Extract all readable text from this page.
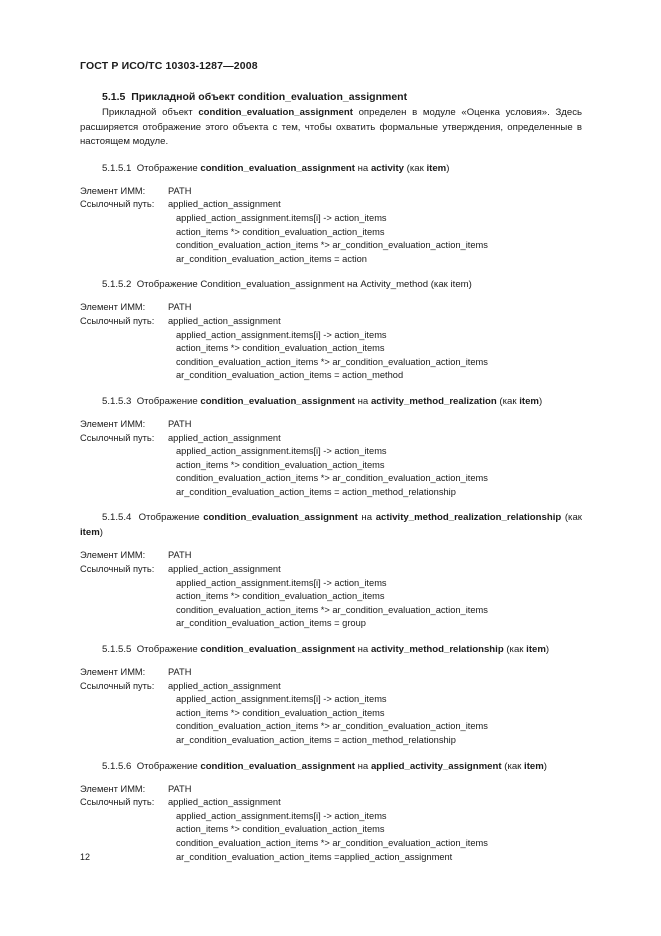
ГОСТ Р ИСО/ТС 10303-1287—2008
5.1.5 Прикладной объект condition_evaluation_assignment
Прикладной объект condition_evaluation_assignment определен в модуле «Оценка условия». Здесь расширяется отображение этого объекта с тем, чтобы охватить формальные утверждения, определенные в настоящем модуле.
5.1.5.1 Отображение condition_evaluation_assignment на activity (как item)
Элемент ИММ:	PATH
Ссылочный путь:	applied_action_assignment
applied_action_assignment.items[i] -> action_items
action_items *> condition_evaluation_action_items
condition_evaluation_action_items *> ar_condition_evaluation_action_items
ar_condition_evaluation_action_items = action
5.1.5.2 Отображение Condition_evaluation_assignment на Activity_method (как item)
Элемент ИММ:	PATH
Ссылочный путь:	applied_action_assignment
applied_action_assignment.items[i] -> action_items
action_items *> condition_evaluation_action_items
condition_evaluation_action_items *> ar_condition_evaluation_action_items
ar_condition_evaluation_action_items = action_method
5.1.5.3 Отображение condition_evaluation_assignment на activity_method_realization (как item)
Элемент ИММ:	PATH
Ссылочный путь:	applied_action_assignment
applied_action_assignment.items[i] -> action_items
action_items *> condition_evaluation_action_items
condition_evaluation_action_items *> ar_condition_evaluation_action_items
ar_condition_evaluation_action_items = action_method_relationship
5.1.5.4 Отображение condition_evaluation_assignment на activity_method_realization_relationship (как item)
Элемент ИММ:	PATH
Ссылочный путь:	applied_action_assignment
applied_action_assignment.items[i] -> action_items
action_items *> condition_evaluation_action_items
condition_evaluation_action_items *> ar_condition_evaluation_action_items
ar_condition_evaluation_action_items = group
5.1.5.5 Отображение condition_evaluation_assignment на activity_method_relationship (как item)
Элемент ИММ:	PATH
Ссылочный путь:	applied_action_assignment
applied_action_assignment.items[i] -> action_items
action_items *> condition_evaluation_action_items
condition_evaluation_action_items *> ar_condition_evaluation_action_items
ar_condition_evaluation_action_items = action_method_relationship
5.1.5.6 Отображение condition_evaluation_assignment на applied_activity_assignment (как item)
Элемент ИММ:	PATH
Ссылочный путь:	applied_action_assignment
applied_action_assignment.items[i] -> action_items
action_items *> condition_evaluation_action_items
condition_evaluation_action_items *> ar_condition_evaluation_action_items
ar_condition_evaluation_action_items =applied_action_assignment
12
